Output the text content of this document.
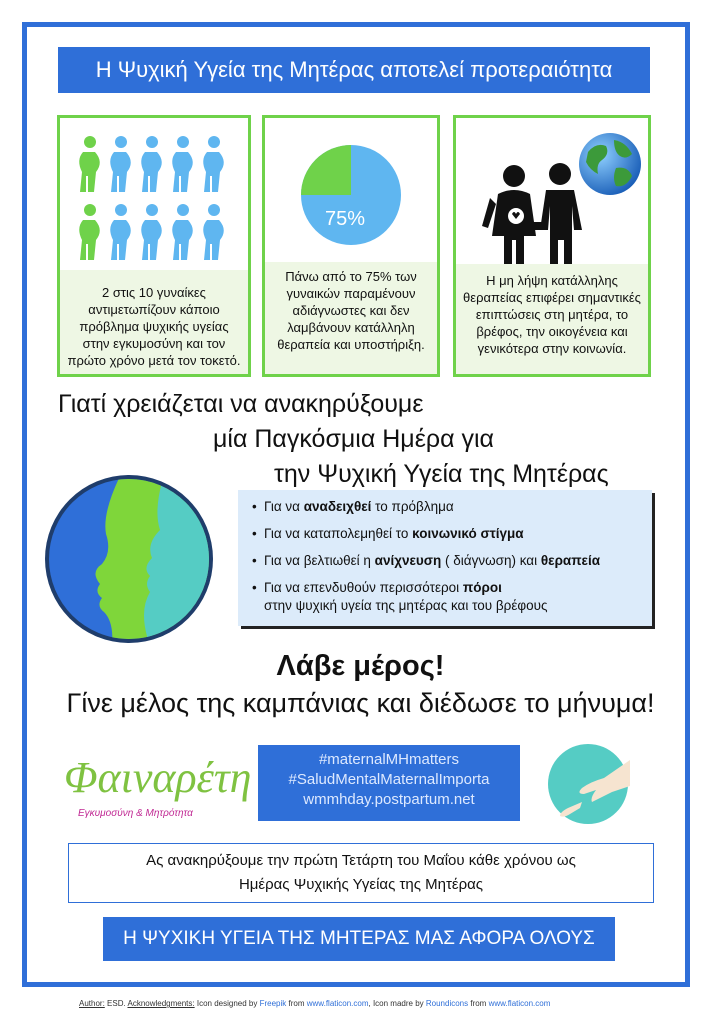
Η Ψυχική Υγεία της Μητέρας αποτελεί προτεραιότητα
2 στις 10 γυναίκες αντιμετωπίζουν κάποιο πρόβλημα ψυχικής υγείας στην εγκυμοσύνη και τον πρώτο χρόνο μετά τον τοκετό.
75%
Πάνω από το 75% των γυναικών παραμένουν αδιάγνωστες και δεν λαμβάνουν κατάλληλη θεραπεία και υποστήριξη.
Η μη λήψη κατάλληλης θεραπείας επιφέρει σημαντικές επιπτώσεις στη μητέρα, το βρέφος, την οικογένεια και γενικότερα στην κοινωνία.
Γιατί χρειάζεται να ανακηρύξουμε
μία Παγκόσμια Ημέρα για
την Ψυχική Υγεία της Μητέρας
• Για να αναδειχθεί το πρόβλημα
• Για να καταπολεμηθεί το κοινωνικό στίγμα
• Για να βελτιωθεί η ανίχνευση ( διάγνωση) και θεραπεία
• Για να επενδυθούν περισσότεροι πόροι
στην ψυχική υγεία της μητέρας και του βρέφους
Λάβε μέρος!
Γίνε μέλος της καμπάνιας και διέδωσε το μήνυμα!
Φαιναρέτη
Εγκυμοσύνη & Μητρότητα
#maternalMHmatters
#SaludMentalMaternalImporta
wmmhday.postpartum.net
Ας ανακηρύξουμε την πρώτη Τετάρτη του Μαΐου κάθε χρόνου ως
Ημέρας Ψυχικής Υγείας της Μητέρας
Η ΨΥΧΙΚΗ ΥΓΕΙΑ ΤΗΣ ΜΗΤΕΡΑΣ ΜΑΣ ΑΦΟΡΑ ΟΛΟΥΣ
Author: ESD. Acknowledgments: Icon designed by Freepik from www.flaticon.com, Icon madre by Roundicons from www.flaticon.com
